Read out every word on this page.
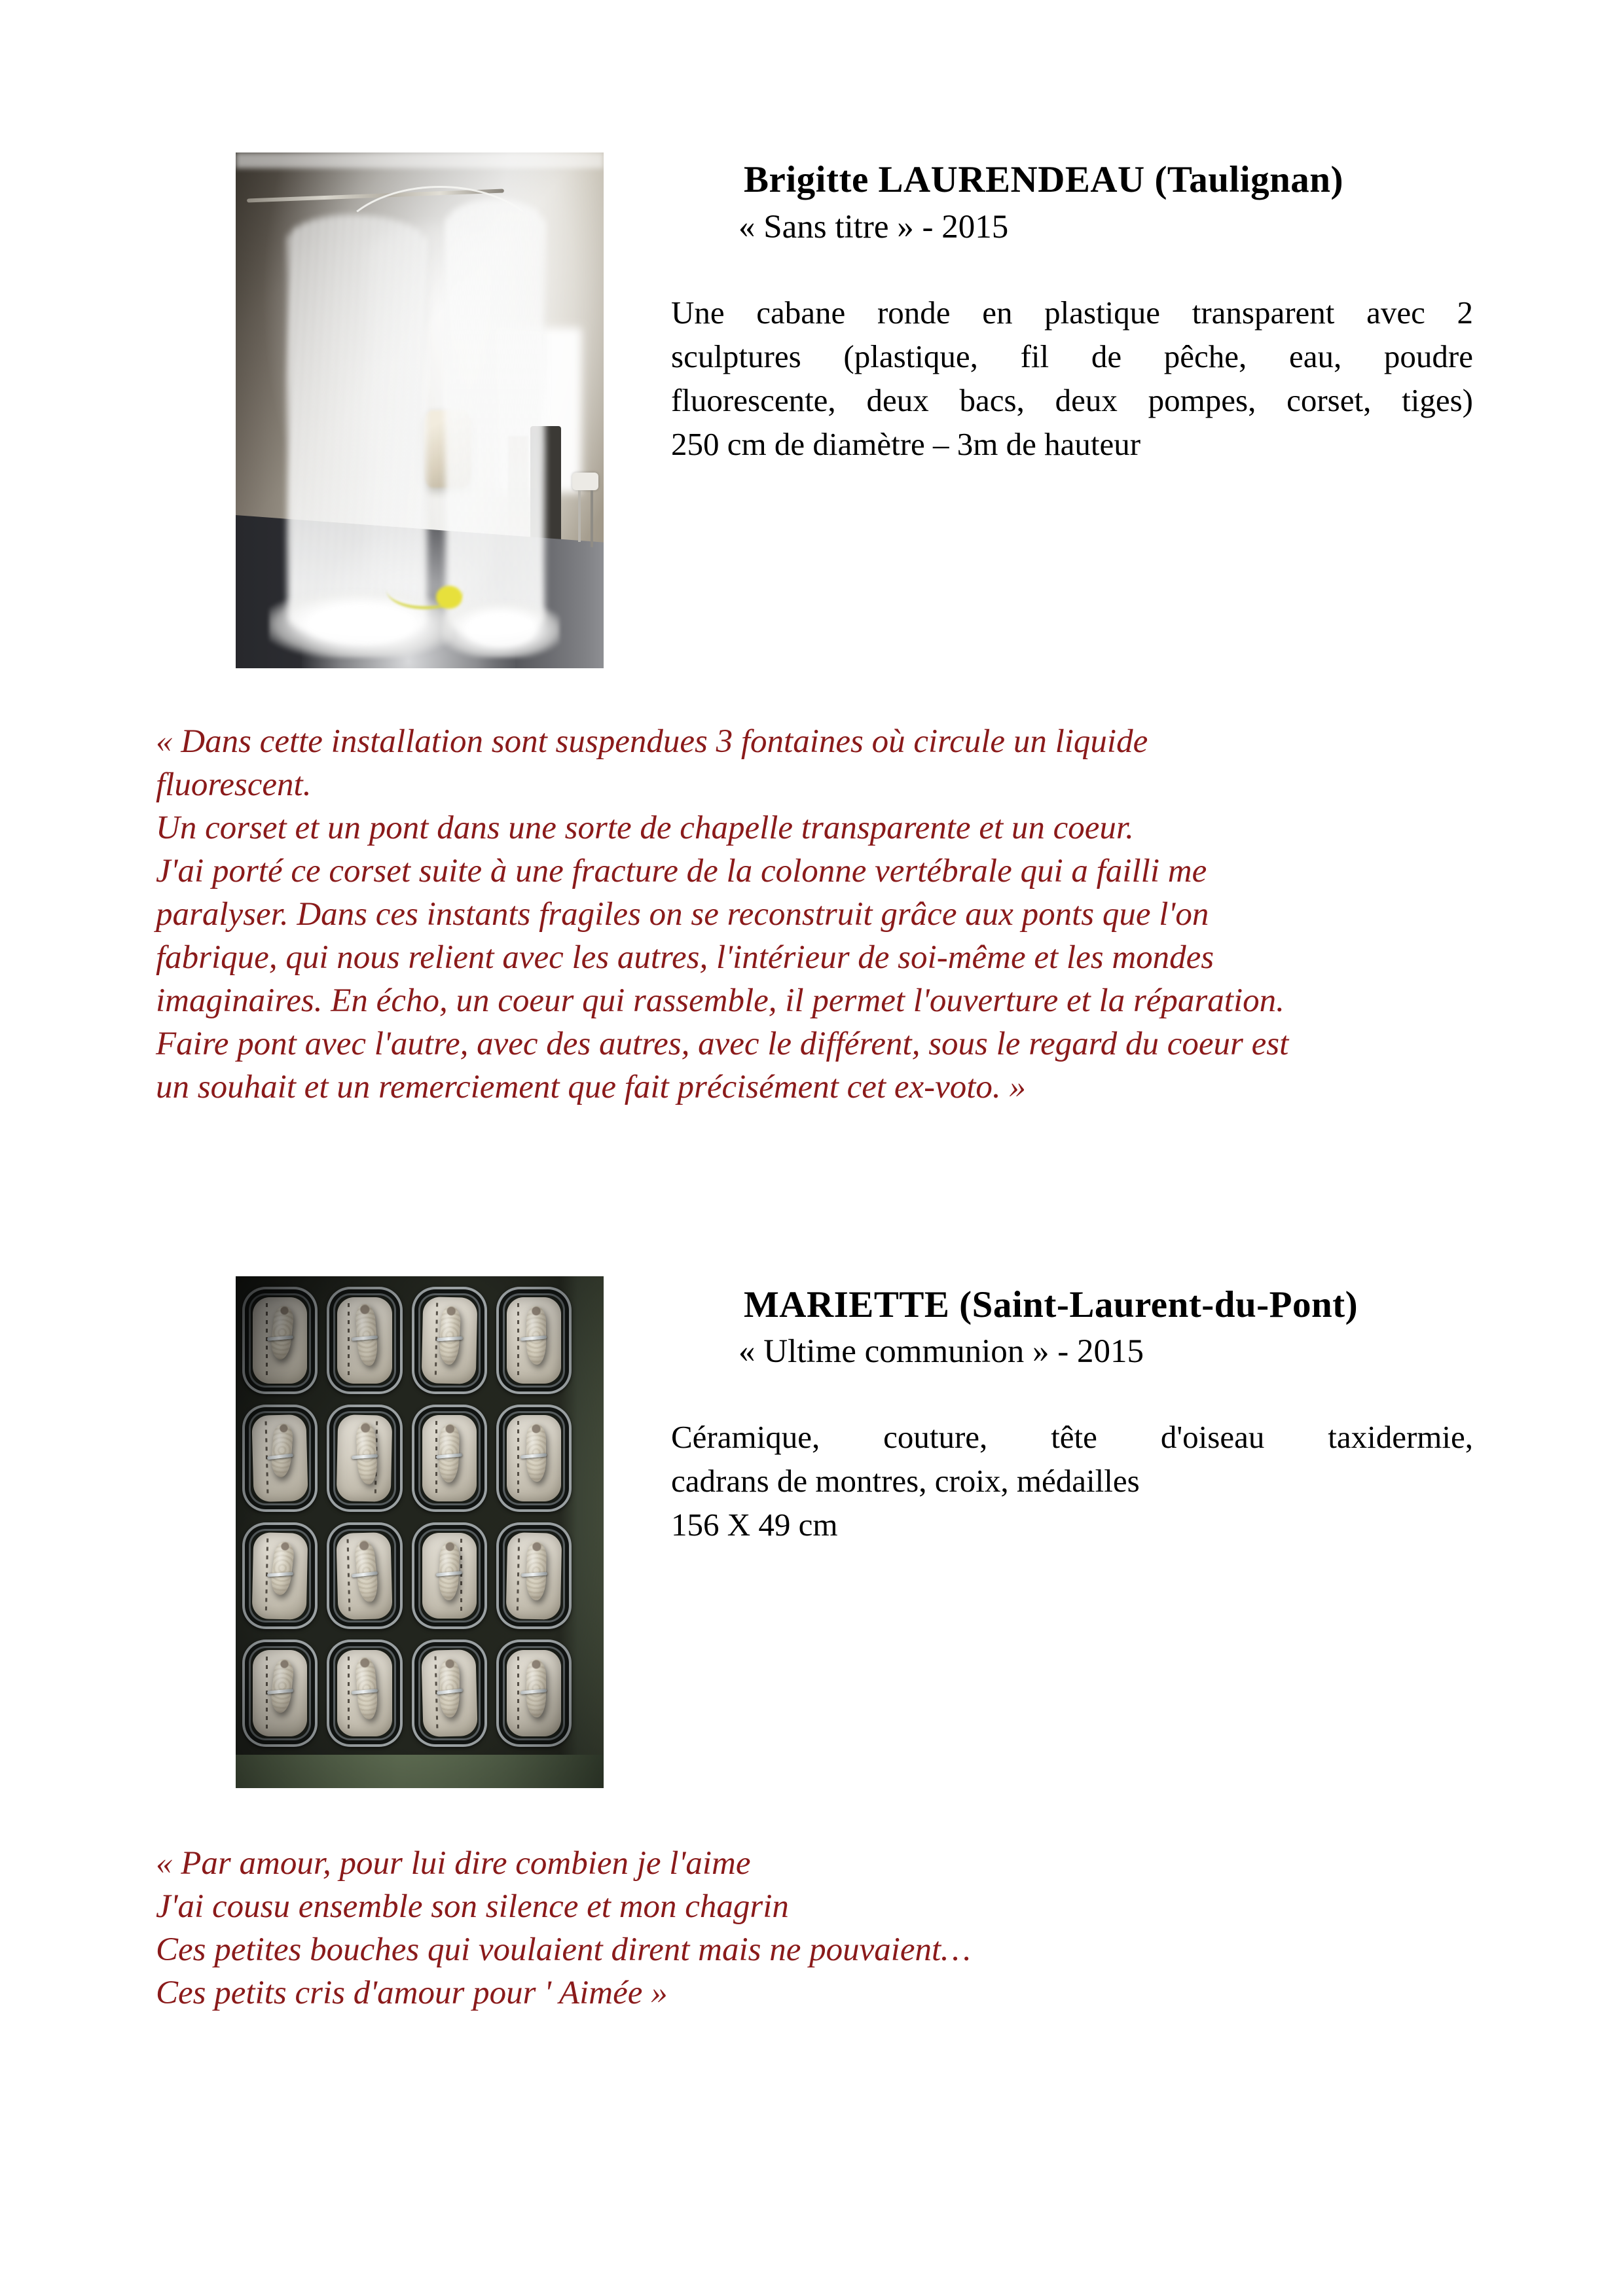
Brigitte LAURENDEAU (Taulignan)
« Sans titre » - 2015
Une cabane ronde en plastique transparent avec 2
sculptures (plastique, fil de pêche, eau, poudre
fluorescente, deux bacs, deux pompes, corset, tiges)
250 cm de diamètre – 3m de hauteur
« Dans cette installation sont suspendues 3 fontaines où circule un liquide
fluorescent.
Un corset et un pont dans une sorte de chapelle transparente et un coeur.
J'ai porté ce corset suite à une fracture de la colonne vertébrale qui a failli me
paralyser. Dans ces instants fragiles on se reconstruit grâce aux ponts que l'on
fabrique, qui nous relient avec les autres, l'intérieur de soi-même et les mondes
imaginaires. En écho, un coeur qui rassemble, il permet l'ouverture et la réparation.
Faire pont avec l'autre, avec des autres, avec le différent, sous le regard du coeur est
un souhait et un remerciement que fait précisément cet ex-voto. »
MARIETTE (Saint-Laurent-du-Pont)
« Ultime communion » - 2015
Céramique, couture, tête d'oiseau taxidermie,
cadrans de montres, croix, médailles
156 X 49 cm
« Par amour, pour lui dire combien je l'aime
J'ai cousu ensemble son silence et mon chagrin
Ces petites bouches qui voulaient dirent mais ne pouvaient…
Ces petits cris d'amour pour ' Aimée »
